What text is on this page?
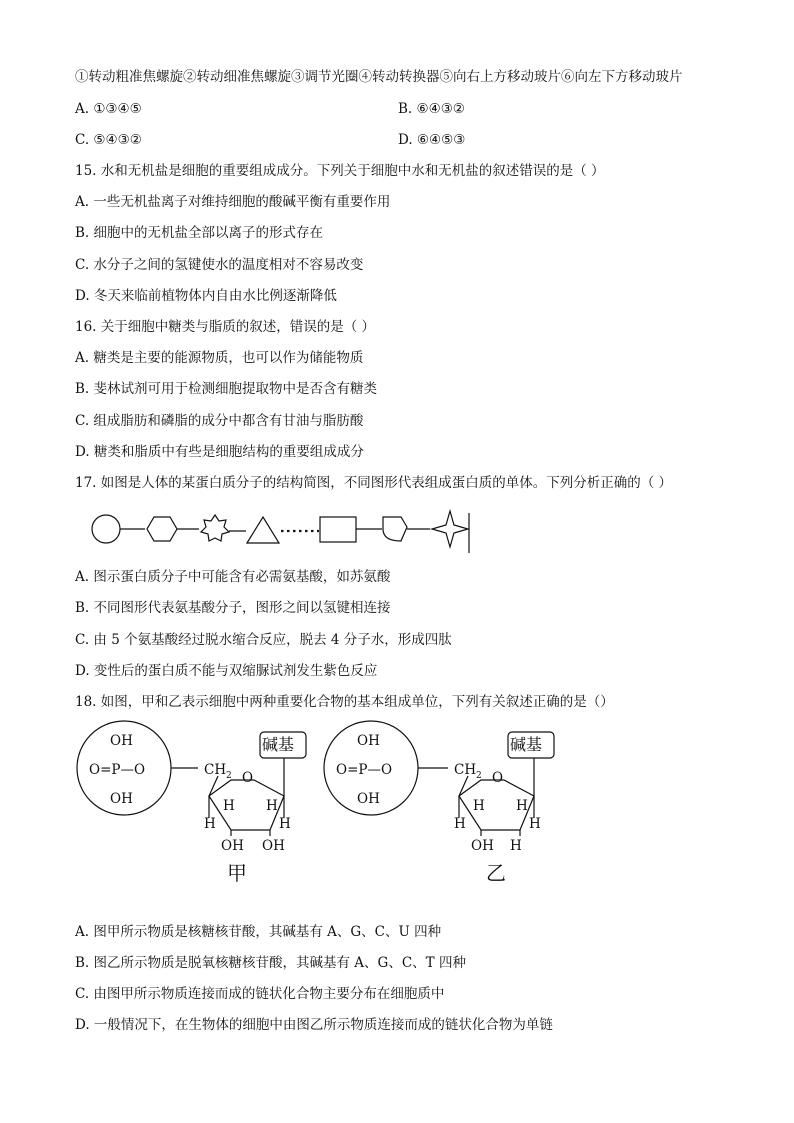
①转动粗准焦螺旋②转动细准焦螺旋③调节光圈④转动转换器⑤向右上方移动玻片⑥向左下方移动玻片
A. ①③④⑤	B. ⑥④③②
C. ⑤④③②	D. ⑥④⑤③
15. 水和无机盐是细胞的重要组成成分。下列关于细胞中水和无机盐的叙述错误的是（ ）
A. 一些无机盐离子对维持细胞的酸碱平衡有重要作用
B. 细胞中的无机盐全部以离子的形式存在
C. 水分子之间的氢键使水的温度相对不容易改变
D. 冬天来临前植物体内自由水比例逐渐降低
16. 关于细胞中糖类与脂质的叙述，错误的是（ ）
A. 糖类是主要的能源物质，也可以作为储能物质
B. 斐林试剂可用于检测细胞提取物中是否含有糖类
C. 组成脂肪和磷脂的成分中都含有甘油与脂肪酸
D. 糖类和脂质中有些是细胞结构的重要组成成分
17. 如图是人体的某蛋白质分子的结构简图，不同图形代表组成蛋白质的单体。下列分析正确的（ ）
A. 图示蛋白质分子中可能含有必需氨基酸，如苏氨酸
B. 不同图形代表氨基酸分子，图形之间以氢键相连接
C. 由 5 个氨基酸经过脱水缩合反应，脱去 4 分子水，形成四肽
D. 变性后的蛋白质不能与双缩脲试剂发生紫色反应
18. 如图，甲和乙表示细胞中两种重要化合物的基本组成单位，下列有关叙述正确的是（）
OH
O=P—O
OH
CH 2 O
H H
H	H
OH OH
碱基
甲
OH
O=P—O
OH
CH 2 O
H H
H	H
OH H
碱基
乙
A. 图甲所示物质是核糖核苷酸，其碱基有 A、G、C、U 四种
B. 图乙所示物质是脱氧核糖核苷酸，其碱基有 A、G、C、T 四种
C. 由图甲所示物质连接而成的链状化合物主要分布在细胞质中
D. 一般情况下，在生物体的细胞中由图乙所示物质连接而成的链状化合物为单链
